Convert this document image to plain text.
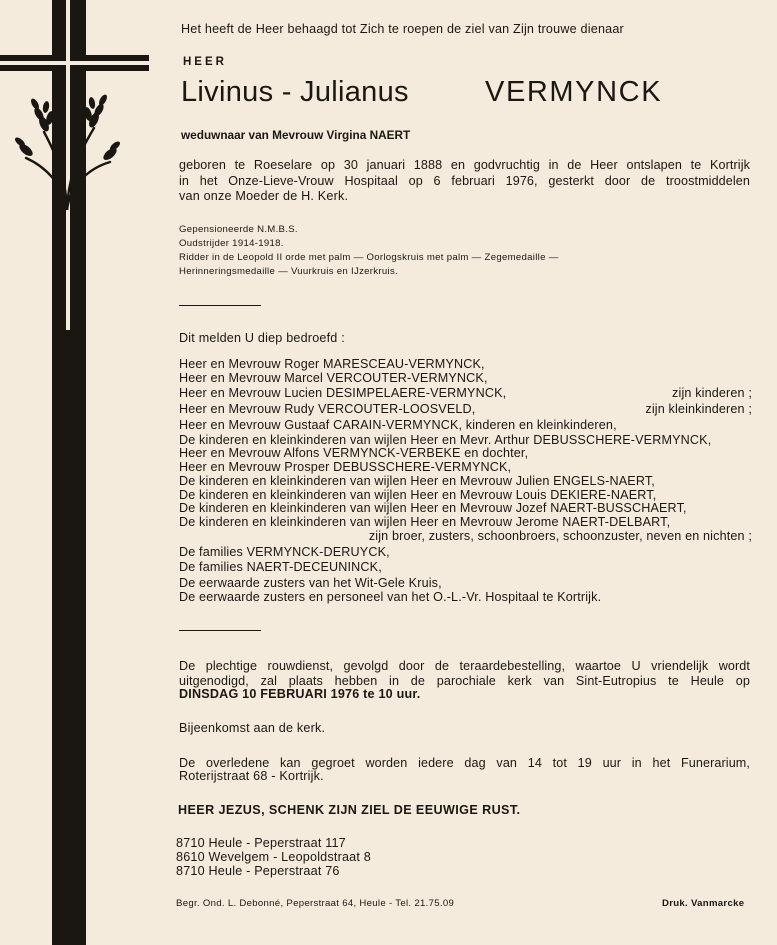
Het heeft de Heer behaagd tot Zich te roepen de ziel van Zijn trouwe dienaar

HEER

Livinus - Julianus	VERMYNCK

weduwnaar van Mevrouw Virgina NAERT

geboren te Roeselare op 30 januari 1888 en godvruchtig in de Heer ontslapen te Kortrijk
in het Onze-Lieve-Vrouw Hospitaal op 6 februari 1976, gesterkt door de troostmiddelen

van onze Moeder de H. Kerk.

Gepensioneerde N.M.B.S.

Oudstrijder 1914-1918.

Ridder in de Leopold II orde met palm — Oorlogskruis met palm — Zegemedaille —

Herinneringsmedaille — Vuurkruis en IJzerkruis.

Dit melden U diep bedroefd :

Heer en Mevrouw Roger MARESCEAU-VERMYNCK,
Heer en Mevrouw Marcel VERCOUTER-VERMYNCK,
Heer en Mevrouw Lucien DESIMPELAERE-VERMYNCK,	zijn kinderen ;
Heer en Mevrouw Rudy VERCOUTER-LOOSVELD,	zijn kleinkinderen ;
Heer en Mevrouw Gustaaf CARAIN-VERMYNCK, kinderen en kleinkinderen,
De kinderen en kleinkinderen van wijlen Heer en Mevr. Arthur DEBUSSCHERE-VERMYNCK,
Heer en Mevrouw Alfons VERMYNCK-VERBEKE en dochter,
Heer en Mevrouw Prosper DEBUSSCHERE-VERMYNCK,
De kinderen en kleinkinderen van wijlen Heer en Mevrouw Julien ENGELS-NAERT,
De kinderen en kleinkinderen van wijlen Heer en Mevrouw Louis DEKIERE-NAERT,
De kinderen en kleinkinderen van wijlen Heer en Mevrouw Jozef NAERT-BUSSCHAERT,
De kinderen en kleinkinderen van wijlen Heer en Mevrouw Jerome NAERT-DELBART,
zijn broer, zusters, schoonbroers, schoonzuster, neven en nichten ;
De families VERMYNCK-DERUYCK,
De families NAERT-DECEUNINCK,
De eerwaarde zusters van het Wit-Gele Kruis,
De eerwaarde zusters en personeel van het O.-L.-Vr. Hospitaal te Kortrijk.
De plechtige rouwdienst, gevolgd door de teraardebestelling, waartoe U vriendelijk wordt
uitgenodigd, zal plaats hebben in de parochiale kerk van Sint-Eutropius te Heule op

DINSDAG 10 FEBRUARI 1976 te 10 uur.

Bijeenkomst aan de kerk.

De overledene kan gegroet worden iedere dag van 14 tot 19 uur in het Funerarium,

Roterijstraat 68 - Kortrijk.

HEER JEZUS, SCHENK ZIJN ZIEL DE EEUWIGE RUST.

8710 Heule - Peperstraat 117

8610 Wevelgem - Leopoldstraat 8

8710 Heule - Peperstraat 76

Begr. Ond. L. Debonné, Peperstraat 64, Heule - Tel. 21.75.09	Druk. Vanmarcke
